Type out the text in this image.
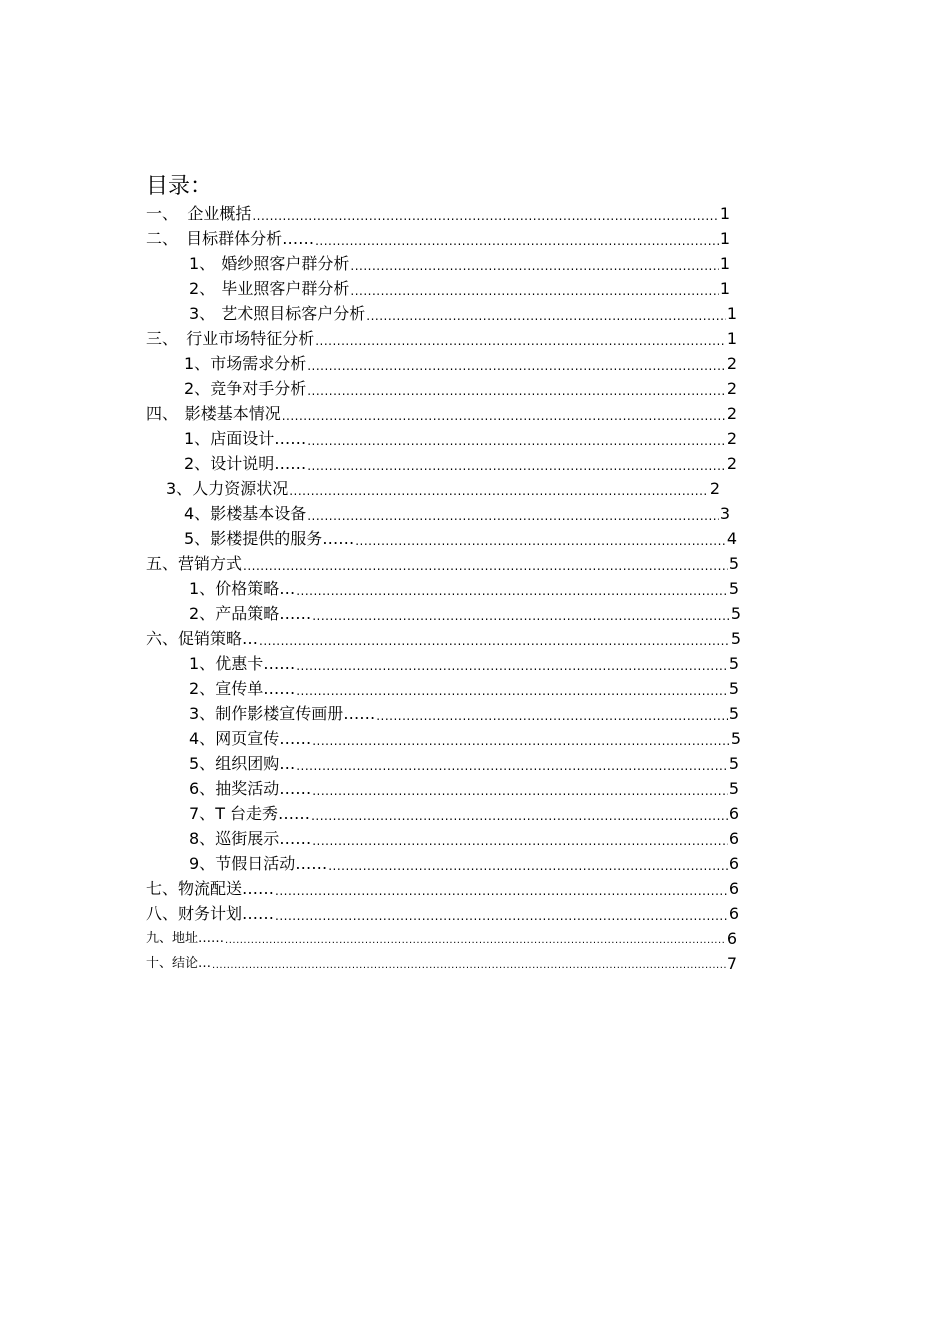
目录：
一、 企业概括 .....	1
二、 目标群体分析…… .....	1
1、 婚纱照客户群分析 .....	1
2、 毕业照客户群分析 .....	1
3、 艺术照目标客户分析 .....	1
三、 行业市场特征分析 .....	1
1、 市场需求分析 .....	2
2、 竞争对手分析 .....	2
四、 影楼基本情况 .....	2
1、 店面设计…… .....	2
2、 设计说明…… .....	2
3、 人力资源状况 .....	2
4、 影楼基本设备 .....	3
5、 影楼提供的服务…… .....	4
五、 营销方式 .....	5
1、 价格策略… .....	5
2、 产品策略…… .....	5
六、 促销策略… .....	5
1、 优惠卡…… .....	5
2、 宣传单…… .....	5
3、 制作影楼宣传画册…… .....	5
4、 网页宣传…… .....	5
5、 组织团购… .....	5
6、 抽奖活动…… .....	5
7、 T 台走秀…… .....	6
8、 巡街展示…… .....	6
9、 节假日活动…… .....	6
七、 物流配送…… .....	6
八、 财务计划…… .....	6
九、 地址…… .....	6
十、 结论… .....	7
